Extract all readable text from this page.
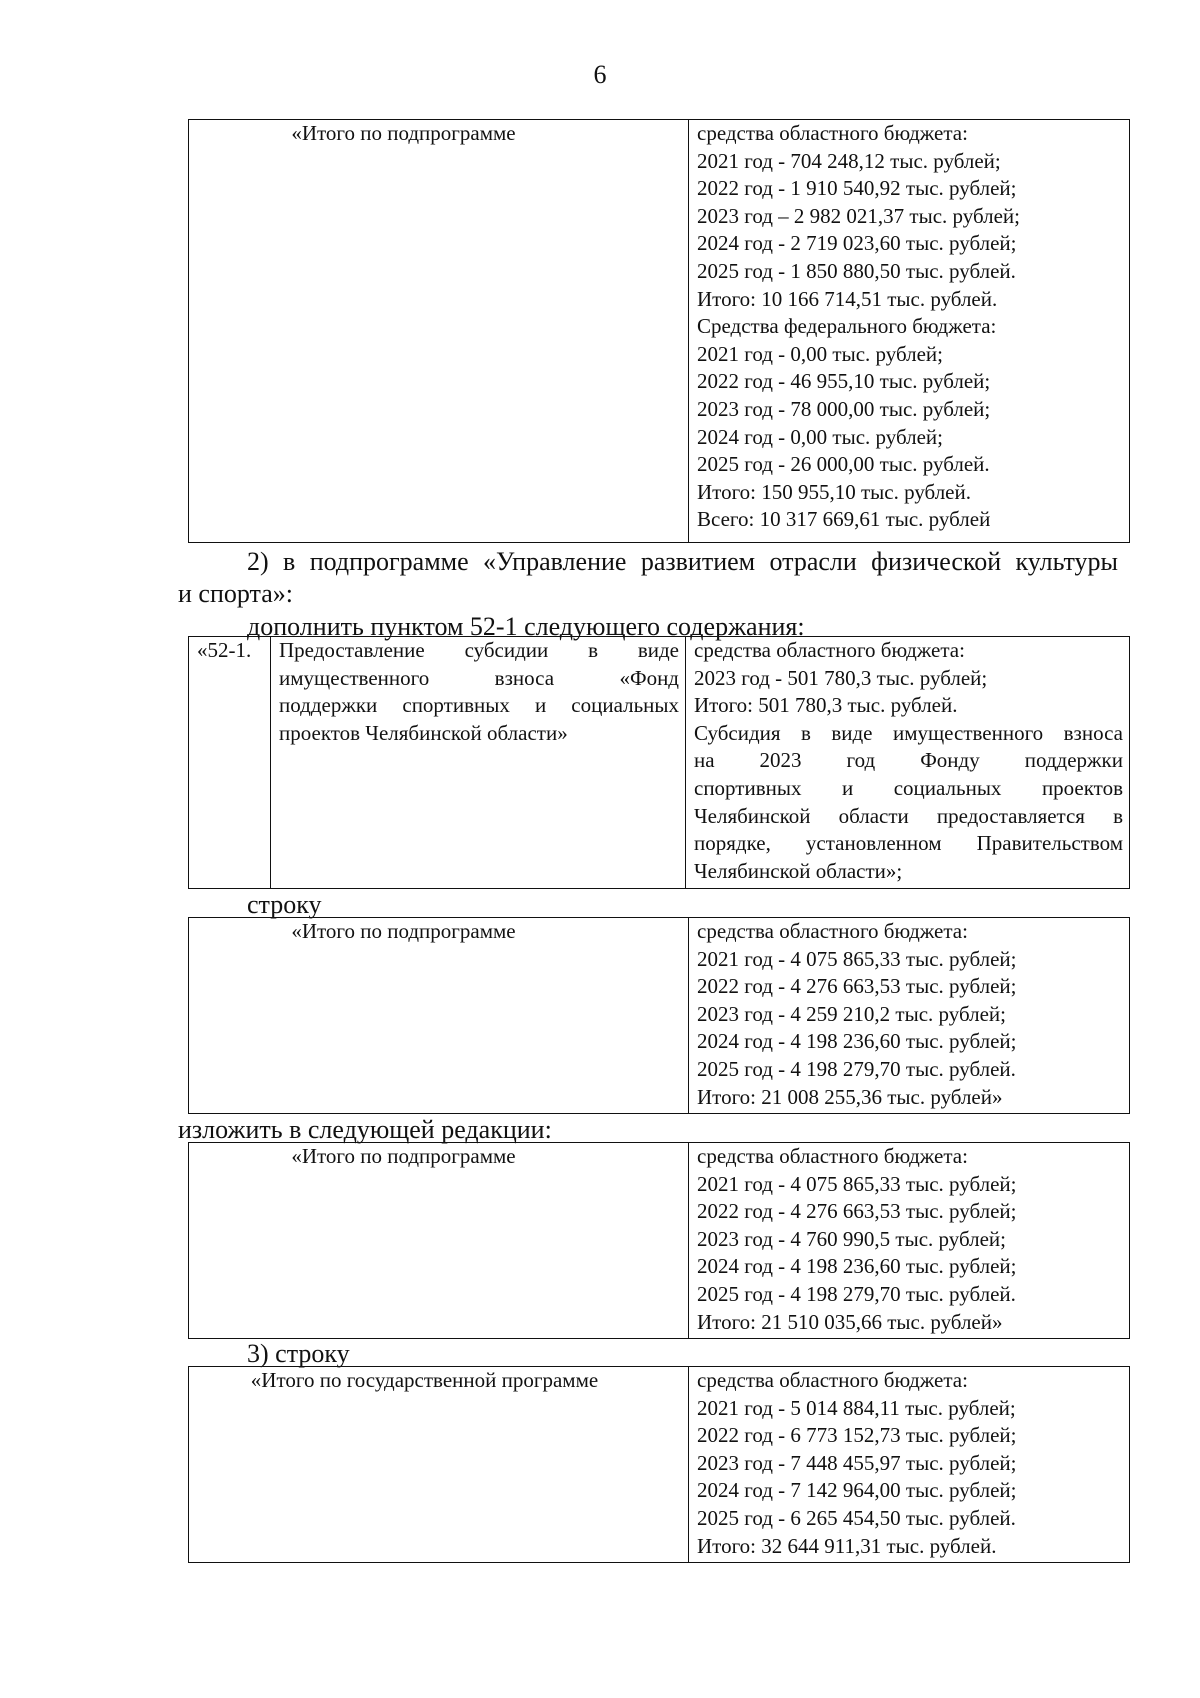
6
«Итого по подпрограмме	средства областного бюджета:
2021 год - 704 248,12 тыс. рублей;
2022 год - 1 910 540,92 тыс. рублей;
2023 год – 2 982 021,37 тыс. рублей;
2024 год - 2 719 023,60 тыс. рублей;
2025 год - 1 850 880,50 тыс. рублей.
Итого: 10 166 714,51 тыс. рублей.
Средства федерального бюджета:
2021 год - 0,00 тыс. рублей;
2022 год - 46 955,10 тыс. рублей;
2023 год - 78 000,00 тыс. рублей;
2024 год - 0,00 тыс. рублей;
2025 год - 26 000,00 тыс. рублей.
Итого: 150 955,10 тыс. рублей.
Всего: 10 317 669,61 тыс. рублей
2) в подпрограмме «Управление развитием отрасли физической культуры
и спорта»:
дополнить пунктом 52-1 следующего содержания:
«52-1.	Предоставление субсидии в виде
имущественного взноса «Фонд
поддержки спортивных и социальных
проектов Челябинской области»

средства областного бюджета:
2023 год - 501 780,3 тыс. рублей;
Итого: 501 780,3 тыс. рублей.
Субсидия в виде имущественного взноса
на 2023 год Фонду поддержки
спортивных и социальных проектов
Челябинской области предоставляется в
порядке, установленном Правительством
Челябинской области»;
строку
«Итого по подпрограмме	средства областного бюджета:
2021 год - 4 075 865,33 тыс. рублей;
2022 год - 4 276 663,53 тыс. рублей;
2023 год - 4 259 210,2 тыс. рублей;
2024 год - 4 198 236,60 тыс. рублей;
2025 год - 4 198 279,70 тыс. рублей.
Итого: 21 008 255,36 тыс. рублей»
изложить в следующей редакции:
«Итого по подпрограмме	средства областного бюджета:
2021 год - 4 075 865,33 тыс. рублей;
2022 год - 4 276 663,53 тыс. рублей;
2023 год - 4 760 990,5 тыс. рублей;
2024 год - 4 198 236,60 тыс. рублей;
2025 год - 4 198 279,70 тыс. рублей.
Итого: 21 510 035,66 тыс. рублей»
3) строку
«Итого по государственной программе	средства областного бюджета:
2021 год - 5 014 884,11 тыс. рублей;
2022 год - 6 773 152,73 тыс. рублей;
2023 год - 7 448 455,97 тыс. рублей;
2024 год - 7 142 964,00 тыс. рублей;
2025 год - 6 265 454,50 тыс. рублей.
Итого: 32 644 911,31 тыс. рублей.
